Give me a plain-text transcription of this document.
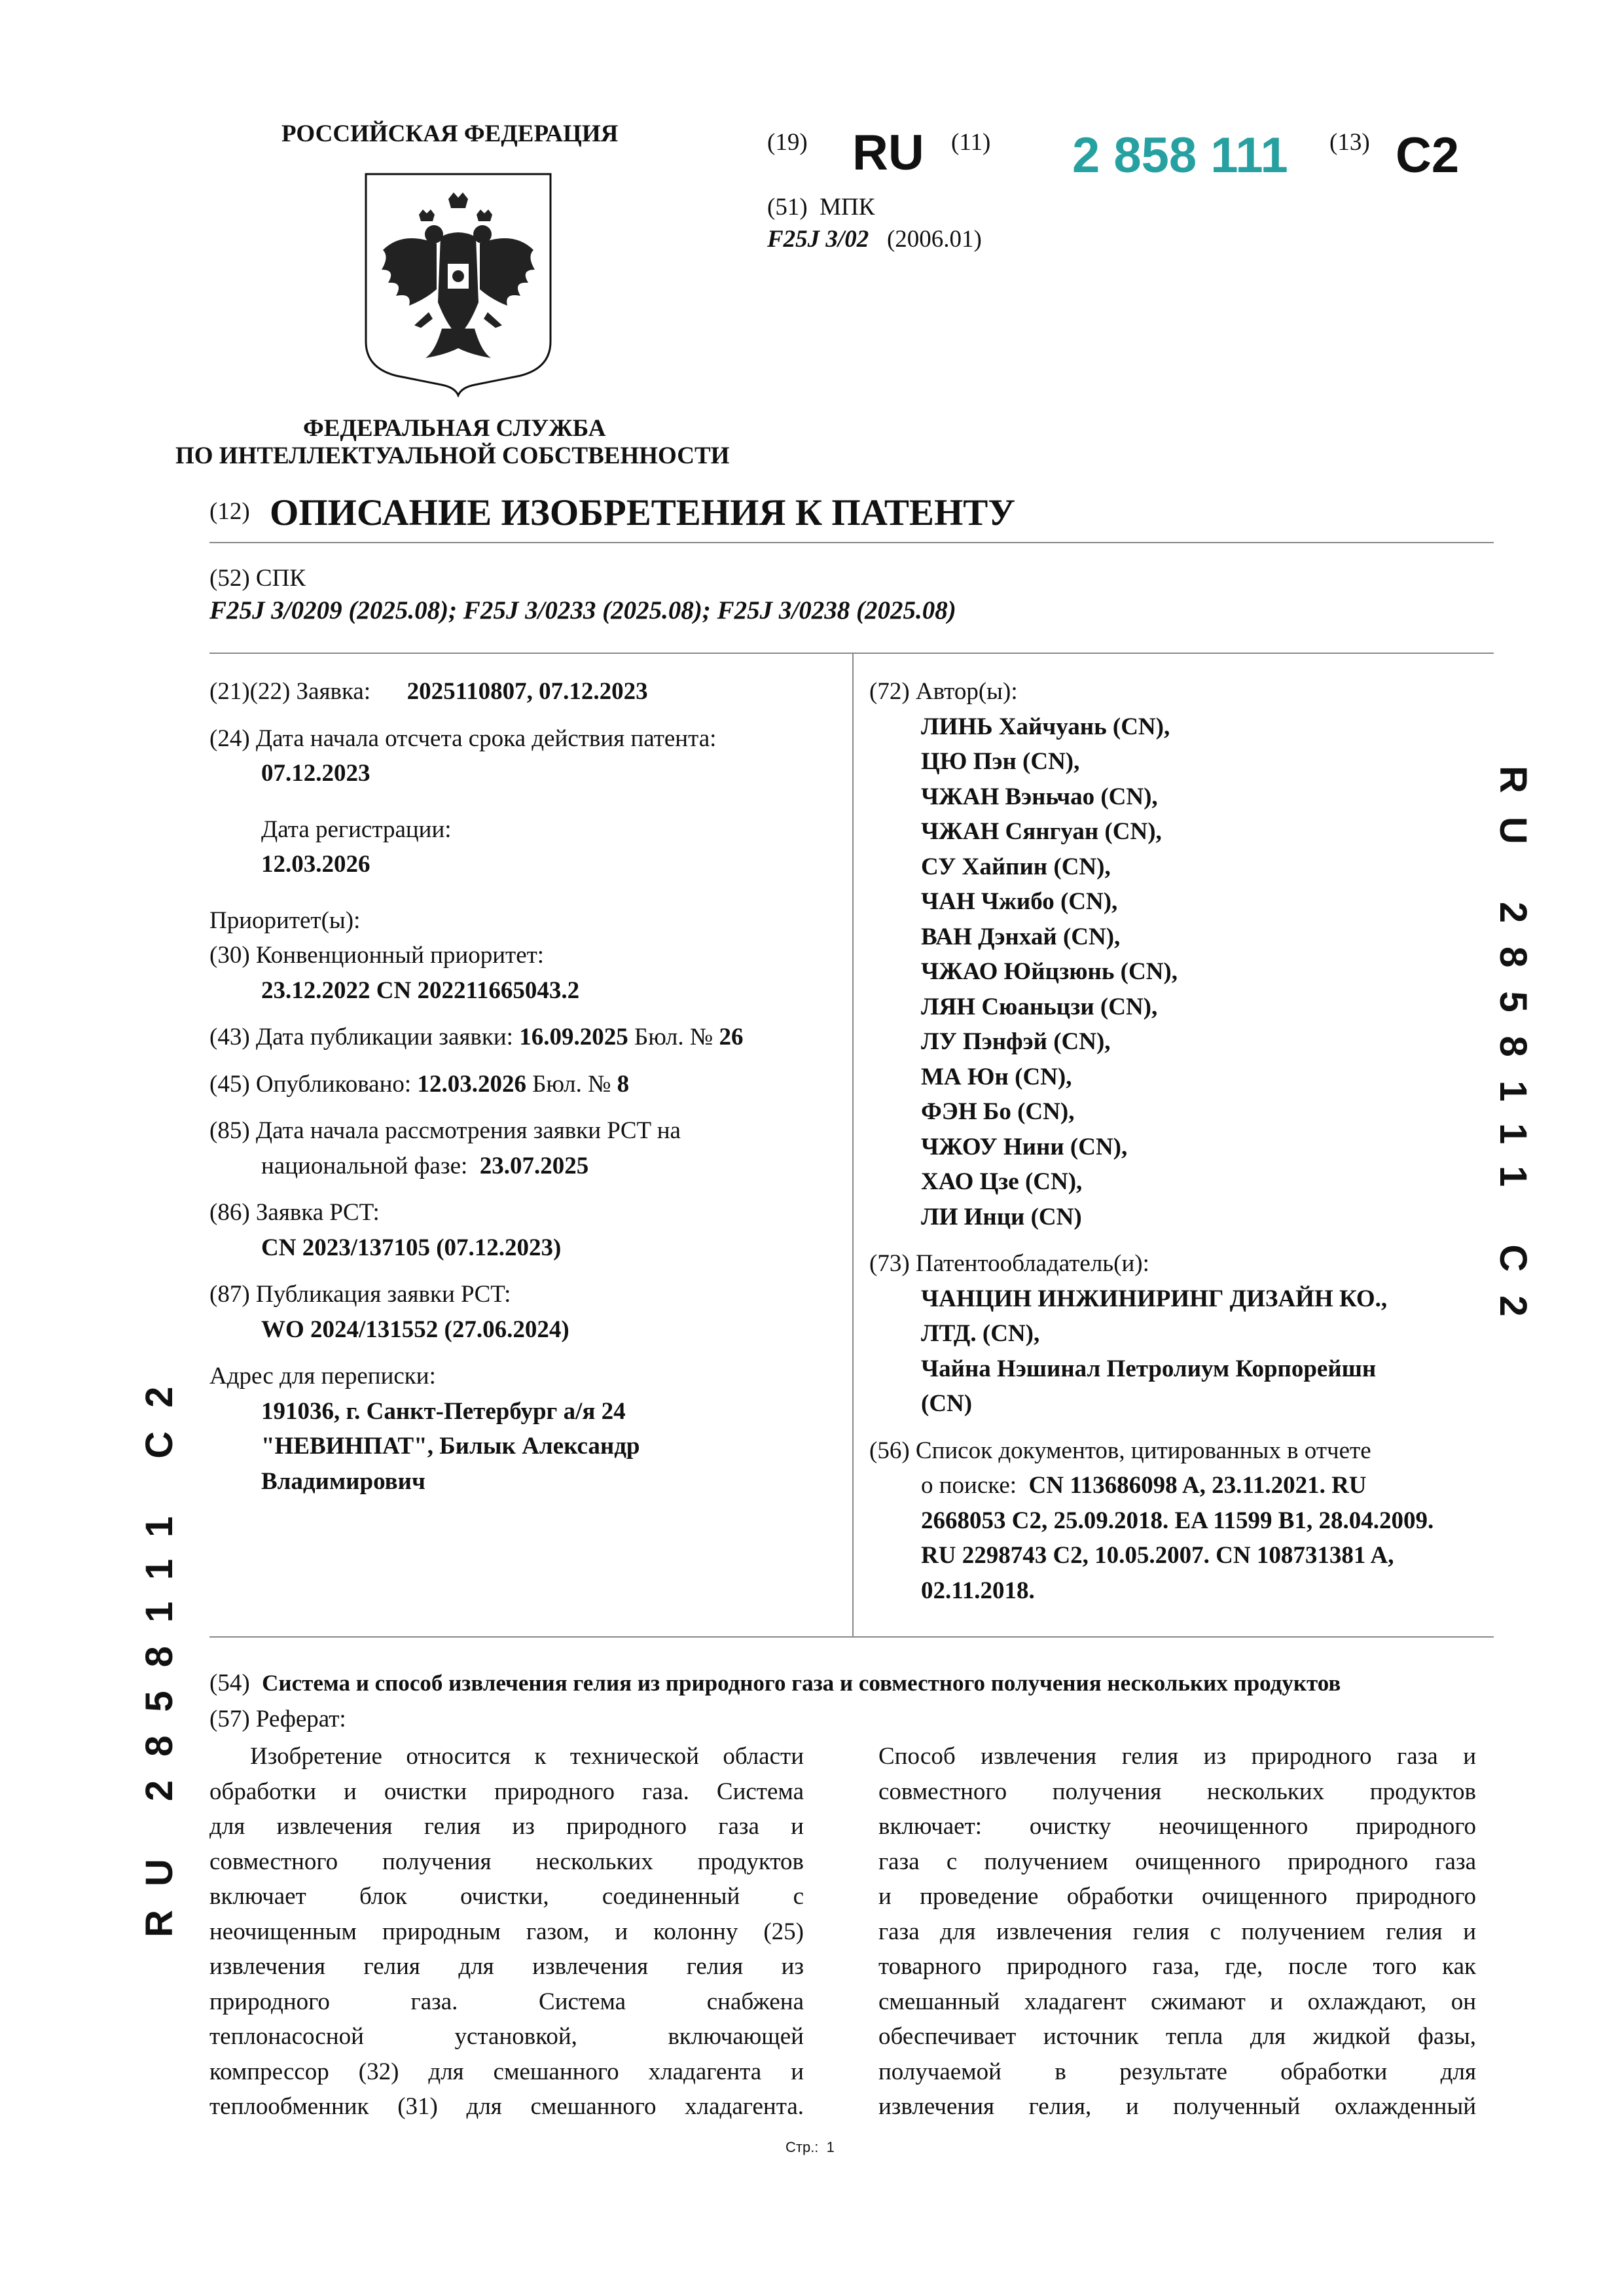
РОССИЙСКАЯ ФЕДЕРАЦИЯ
ФЕДЕРАЛЬНАЯ СЛУЖБА
ПО ИНТЕЛЛЕКТУАЛЬНОЙ СОБСТВЕННОСТИ
(19) RU (11) 2 858 111 (13) C2
(51) МПК
F25J 3/02 (2006.01)
(12) ОПИСАНИЕ ИЗОБРЕТЕНИЯ К ПАТЕНТУ
(52) СПК
F25J 3/0209 (2025.08); F25J 3/0233 (2025.08); F25J 3/0238 (2025.08)
(21)(22) Заявка: 2025110807, 07.12.2023
(24) Дата начала отсчета срока действия патента:
07.12.2023
Дата регистрации:
12.03.2026
Приоритет(ы):
(30) Конвенционный приоритет:
23.12.2022 CN 202211665043.2
(43) Дата публикации заявки: 16.09.2025 Бюл. № 26
(45) Опубликовано: 12.03.2026 Бюл. № 8
(85) Дата начала рассмотрения заявки PCT на
национальной фазе: 23.07.2025
(86) Заявка PCT:
CN 2023/137105 (07.12.2023)
(87) Публикация заявки PCT:
WO 2024/131552 (27.06.2024)
Адрес для переписки:
191036, г. Санкт-Петербург а/я 24
"НЕВИНПАТ", Билык Александр
Владимирович
(72) Автор(ы):
ЛИНЬ Хайчуань (CN),
ЦЮ Пэн (CN),
ЧЖАН Вэньчао (CN),
ЧЖАН Сянгуан (CN),
СУ Хайпин (CN),
ЧАН Чжибо (CN),
ВАН Дэнхай (CN),
ЧЖАО Юйцзюнь (CN),
ЛЯН Сюаньцзи (CN),
ЛУ Пэнфэй (CN),
МА Юн (CN),
ФЭН Бо (CN),
ЧЖОУ Нини (CN),
ХАО Цзе (CN),
ЛИ Инци (CN)
(73) Патентообладатель(и):
ЧАНЦИН ИНЖИНИРИНГ ДИЗАЙН КО.,
ЛТД. (CN),
Чайна Нэшинал Петролиум Корпорейшн
(CN)
(56) Список документов, цитированных в отчете
о поиске: CN 113686098 A, 23.11.2021. RU
2668053 C2, 25.09.2018. EA 11599 B1, 28.04.2009.
RU 2298743 C2, 10.05.2007. CN 108731381 A,
02.11.2018.
(54) Система и способ извлечения гелия из природного газа и совместного получения нескольких продуктов
(57) Реферат:
Изобретение относится к технической области
обработки и очистки природного газа. Система
для извлечения гелия из природного газа и
совместного получения нескольких продуктов
включает блок очистки, соединенный с
неочищенным природным газом, и колонну (25)
извлечения гелия для извлечения гелия из
природного газа. Система снабжена
теплонасосной установкой, включающей
компрессор (32) для смешанного хладагента и
теплообменник (31) для смешанного хладагента.
Способ извлечения гелия из природного газа и
совместного получения нескольких продуктов
включает: очистку неочищенного природного
газа с получением очищенного природного газа
и проведение обработки очищенного природного
газа для извлечения гелия с получением гелия и
товарного природного газа, где, после того как
смешанный хладагент сжимают и охлаждают, он
обеспечивает источник тепла для жидкой фазы,
получаемой в результате обработки для
извлечения гелия, и полученный охлажденный
RU 2858111 C2
RU 2858111 C2
Стр.: 1
